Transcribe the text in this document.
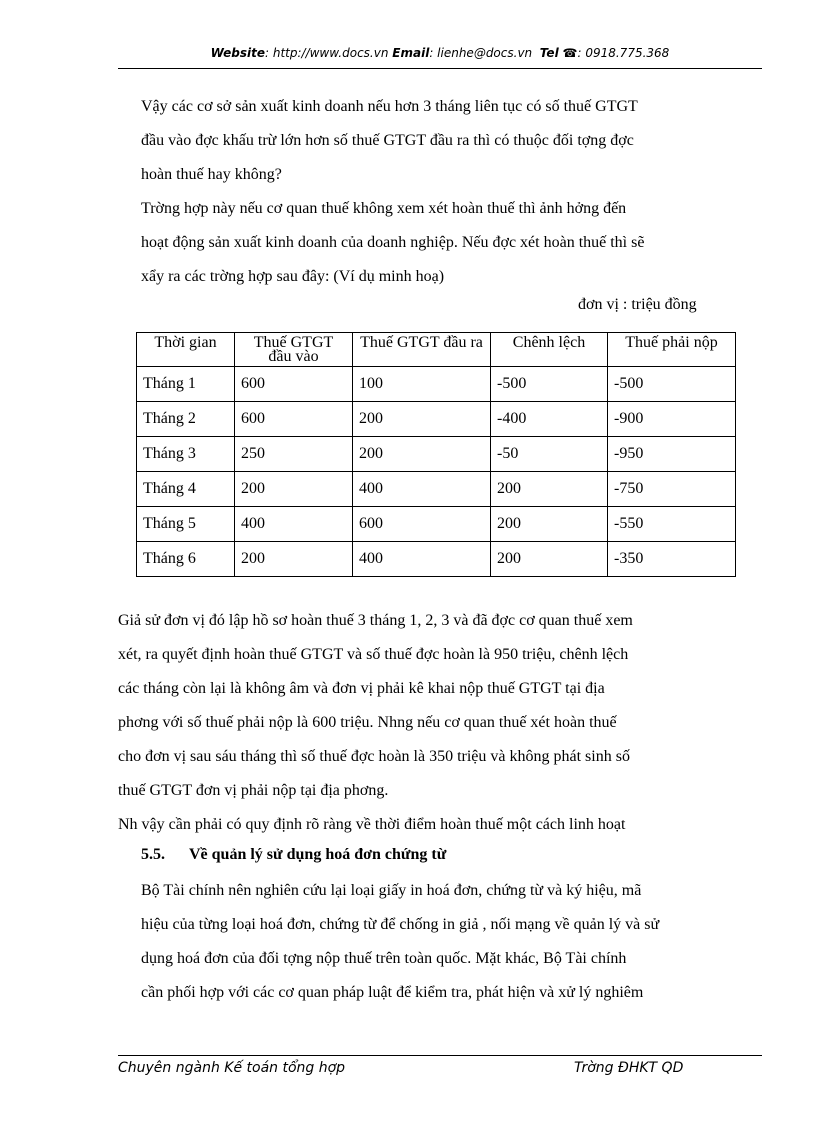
Website: http://www.docs.vn Email: lienhe@docs.vn Tel ☎: 0918.775.368
Vậy các cơ sở sản xuất kinh doanh nếu hơn 3 tháng liên tục có số thuế GTGT
đầu vào đợc khấu trừ lớn hơn số thuế GTGT đầu ra thì có thuộc đối tợng đợc
hoàn thuế hay không?
Trờng hợp này nếu cơ quan thuế không xem xét hoàn thuế thì ảnh hởng đến
hoạt động sản xuất kinh doanh của doanh nghiệp. Nếu đợc xét hoàn thuế thì sẽ
xẩy ra các trờng hợp sau đây: (Ví dụ minh hoạ)
đơn vị : triệu đồng
Thời gian	Thuế GTGT đầu vào	Thuế GTGT đầu ra	Chênh lệch	Thuế phải nộp
Tháng 1	600	100	-500	-500
Tháng 2	600	200	-400	-900
Tháng 3	250	200	-50	-950
Tháng 4	200	400	200	-750
Tháng 5	400	600	200	-550
Tháng 6	200	400	200	-350
Giả sử đơn vị đó lập hồ sơ hoàn thuế 3 tháng 1, 2, 3 và đã đợc cơ quan thuế xem
xét, ra quyết định hoàn thuế GTGT và số thuế đợc hoàn là 950 triệu, chênh lệch
các tháng còn lại là không âm và đơn vị phải kê khai nộp thuế GTGT tại địa
phơng với số thuế phải nộp là 600 triệu. Nhng nếu cơ quan thuế xét hoàn thuế
cho đơn vị sau sáu tháng thì số thuế đợc hoàn là 350 triệu và không phát sinh số
thuế GTGT đơn vị phải nộp tại địa phơng.
Nh vậy cần phải có quy định rõ ràng về thời điểm hoàn thuế một cách linh hoạt
5.5. Về quản lý sử dụng hoá đơn chứng từ
Bộ Tài chính nên nghiên cứu lại loại giấy in hoá đơn, chứng từ và ký hiệu, mã
hiệu của từng loại hoá đơn, chứng từ để chống in giả , nối mạng về quản lý và sử
dụng hoá đơn của đối tợng nộp thuế trên toàn quốc. Mặt khác, Bộ Tài chính
cần phối hợp với các cơ quan pháp luật để kiểm tra, phát hiện và xử lý nghiêm
Chuyên ngành Kế toán tổng hợp	Trờng ĐHKT QD
